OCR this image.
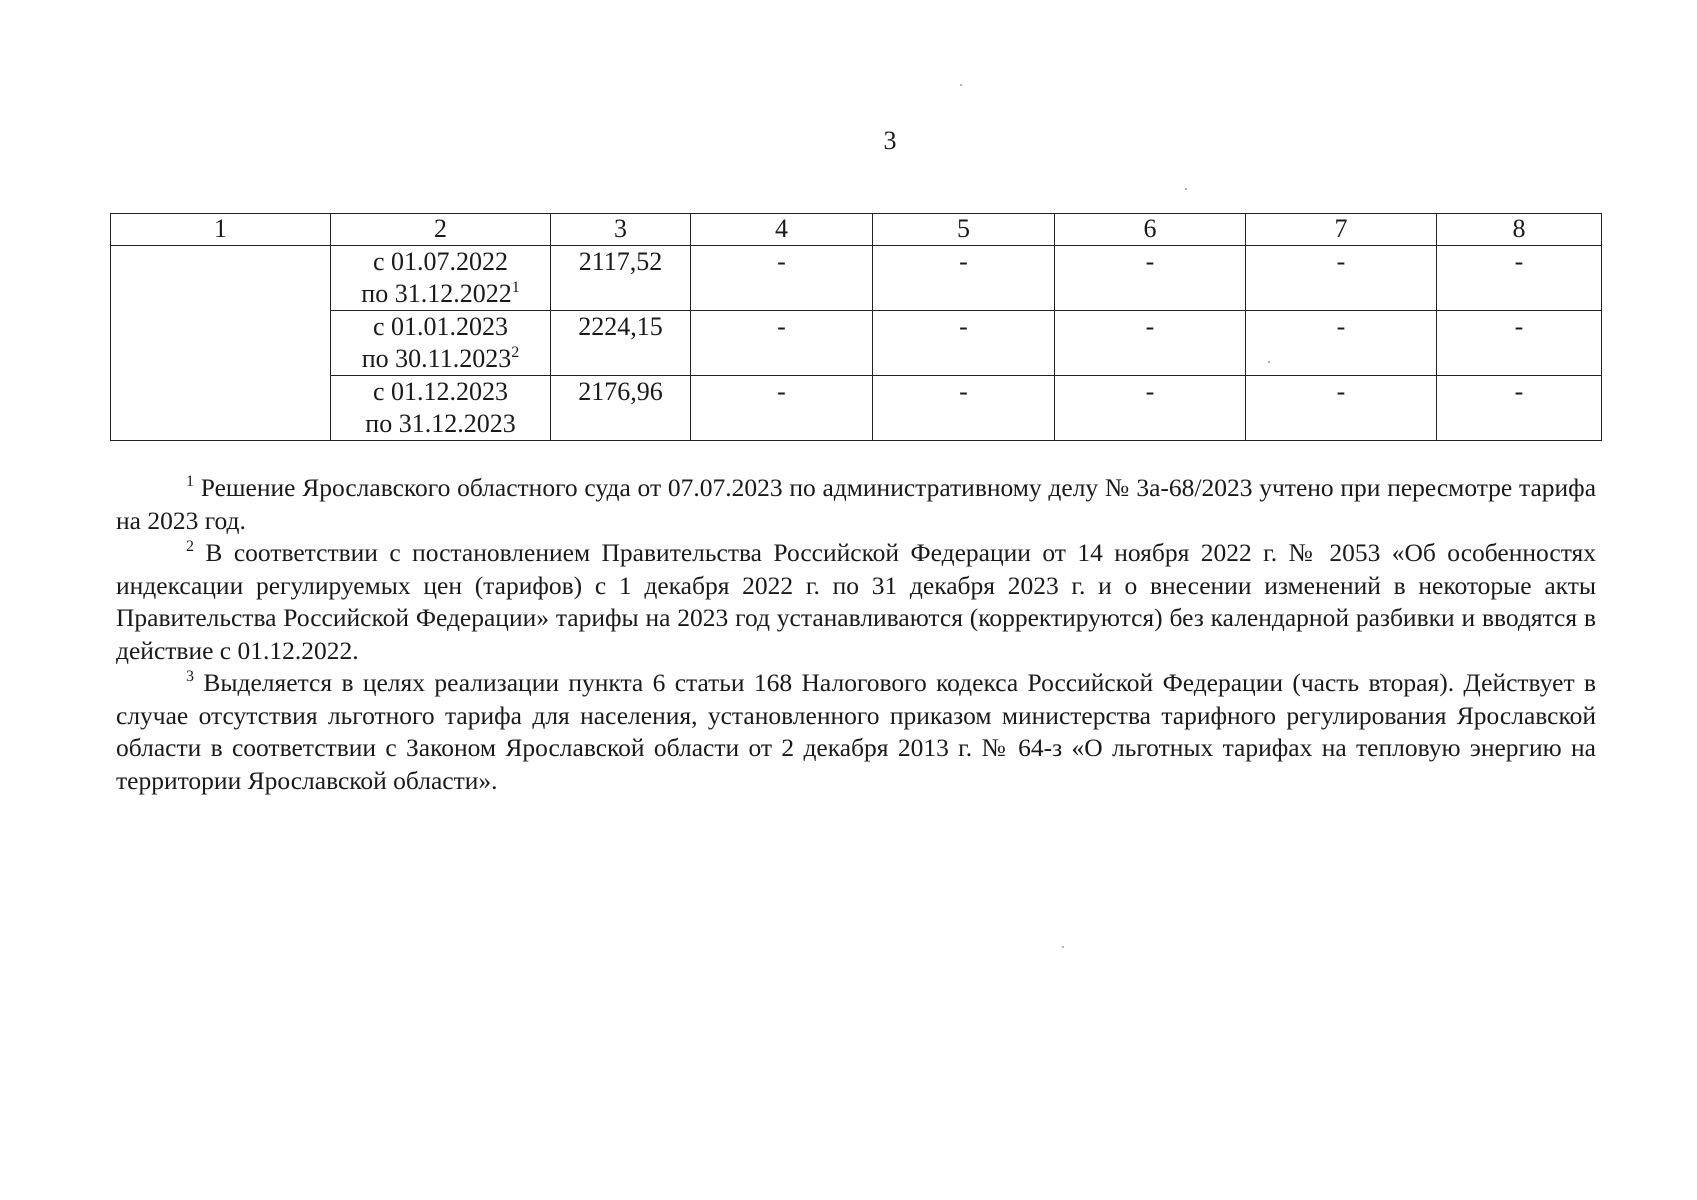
3
1	2	3	4	5	6	7	8
	с 01.07.2022
по 31.12.2022$^1$	2117,52	-	-	-	-	-
	с 01.01.2023
по 30.11.2023$^2$	2224,15	-	-	-	-	-
	с 01.12.2023
по 31.12.2023	2176,96	-	-	-	-	-

$^1$ Решение Ярославского областного суда от 07.07.2023 по административному делу № 3а-68/2023 учтено при пересмотре тарифа на 2023 год.

$^2$ В соответствии с постановлением Правительства Российской Федерации от 14 ноября 2022 г. № 2053 «Об особенностях индексации регулируемых цен (тарифов) с 1 декабря 2022 г. по 31 декабря 2023 г. и о внесении изменений в некоторые акты Правительства Российской Федерации» тарифы на 2023 год устанавливаются (корректируются) без календарной разбивки и вводятся в действие с 01.12.2022.

$^3$ Выделяется в целях реализации пункта 6 статьи 168 Налогового кодекса Российской Федерации (часть вторая). Действует в случае отсутствия льготного тарифа для населения, установленного приказом министерства тарифного регулирования Ярославской области в соответствии с Законом Ярославской области от 2 декабря 2013 г. № 64-з «О льготных тарифах на тепловую энергию на территории Ярославской области».
